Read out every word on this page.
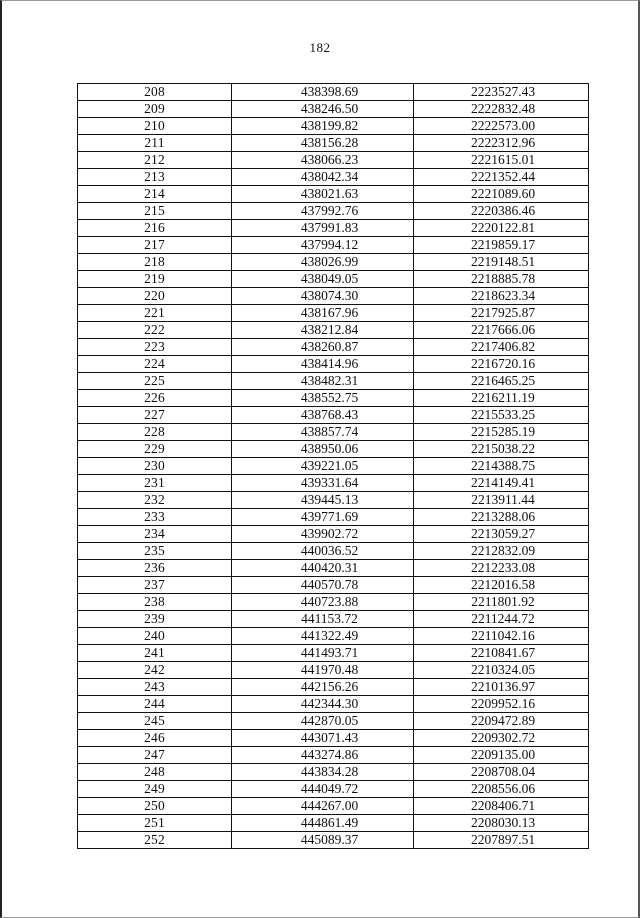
182
208	438398.69	2223527.43
209	438246.50	2222832.48
210	438199.82	2222573.00
211	438156.28	2222312.96
212	438066.23	2221615.01
213	438042.34	2221352.44
214	438021.63	2221089.60
215	437992.76	2220386.46
216	437991.83	2220122.81
217	437994.12	2219859.17
218	438026.99	2219148.51
219	438049.05	2218885.78
220	438074.30	2218623.34
221	438167.96	2217925.87
222	438212.84	2217666.06
223	438260.87	2217406.82
224	438414.96	2216720.16
225	438482.31	2216465.25
226	438552.75	2216211.19
227	438768.43	2215533.25
228	438857.74	2215285.19
229	438950.06	2215038.22
230	439221.05	2214388.75
231	439331.64	2214149.41
232	439445.13	2213911.44
233	439771.69	2213288.06
234	439902.72	2213059.27
235	440036.52	2212832.09
236	440420.31	2212233.08
237	440570.78	2212016.58
238	440723.88	2211801.92
239	441153.72	2211244.72
240	441322.49	2211042.16
241	441493.71	2210841.67
242	441970.48	2210324.05
243	442156.26	2210136.97
244	442344.30	2209952.16
245	442870.05	2209472.89
246	443071.43	2209302.72
247	443274.86	2209135.00
248	443834.28	2208708.04
249	444049.72	2208556.06
250	444267.00	2208406.71
251	444861.49	2208030.13
252	445089.37	2207897.51
